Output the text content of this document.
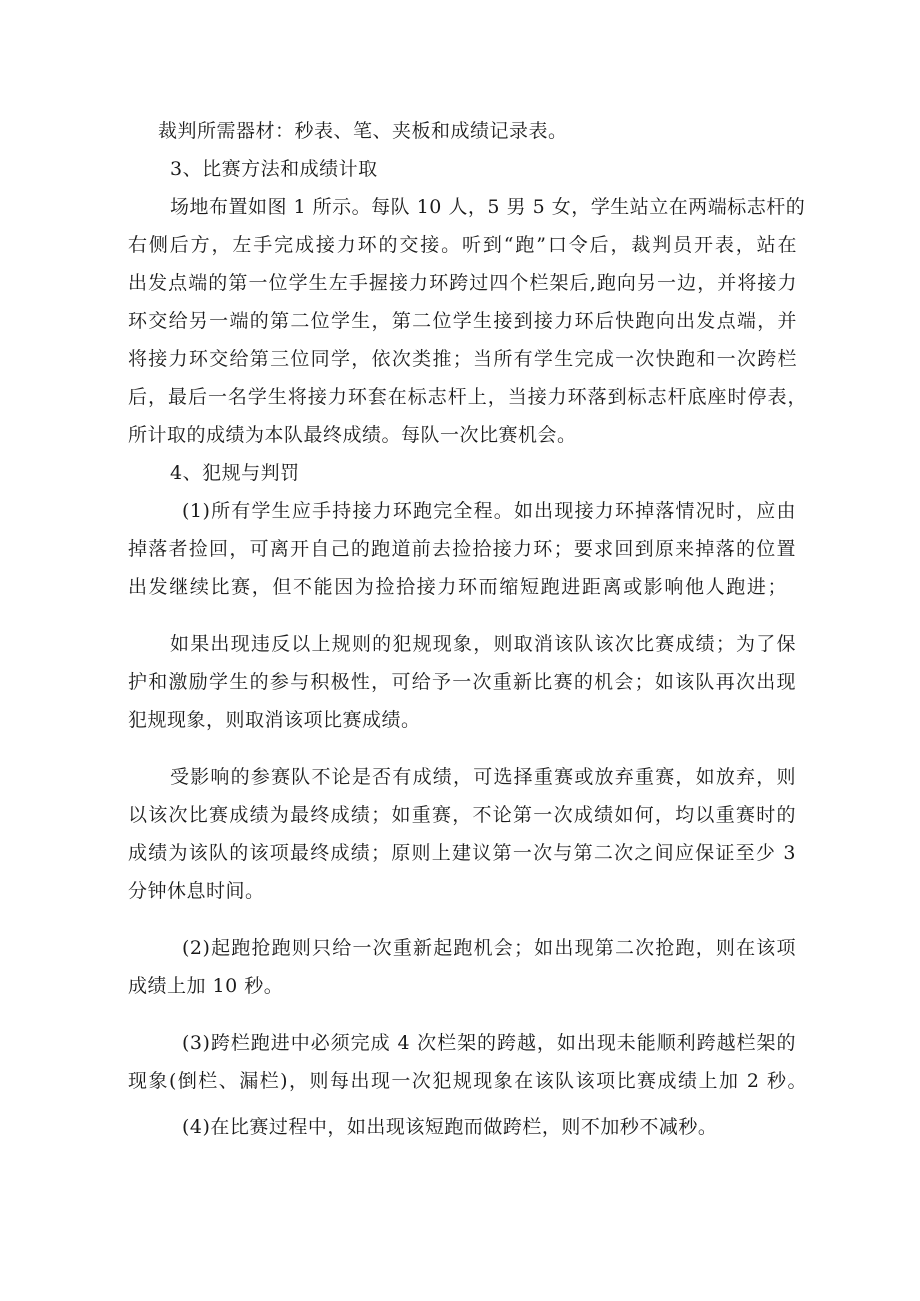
裁判所需器材：秒表、笔、夹板和成绩记录表。
3、比赛方法和成绩计取
场地布置如图 1 所示。每队 10 人，5 男 5 女，学生站立在两端标志杆的
右侧后方，左手完成接力环的交接。听到“跑”口令后，裁判员开表，站在
出发点端的第一位学生左手握接力环跨过四个栏架后,跑向另一边，并将接力
环交给另一端的第二位学生，第二位学生接到接力环后快跑向出发点端，并
将接力环交给第三位同学，依次类推；当所有学生完成一次快跑和一次跨栏
后，最后一名学生将接力环套在标志杆上，当接力环落到标志杆底座时停表，
所计取的成绩为本队最终成绩。每队一次比赛机会。
4、犯规与判罚
(1)所有学生应手持接力环跑完全程。如出现接力环掉落情况时，应由
掉落者捡回，可离开自己的跑道前去捡拾接力环；要求回到原来掉落的位置
出发继续比赛，但不能因为捡拾接力环而缩短跑进距离或影响他人跑进；
如果出现违反以上规则的犯规现象，则取消该队该次比赛成绩；为了保
护和激励学生的参与积极性，可给予一次重新比赛的机会；如该队再次出现
犯规现象，则取消该项比赛成绩。
受影响的参赛队不论是否有成绩，可选择重赛或放弃重赛，如放弃，则
以该次比赛成绩为最终成绩；如重赛，不论第一次成绩如何，均以重赛时的
成绩为该队的该项最终成绩；原则上建议第一次与第二次之间应保证至少 3
分钟休息时间。
(2)起跑抢跑则只给一次重新起跑机会；如出现第二次抢跑，则在该项
成绩上加 10 秒。
(3)跨栏跑进中必须完成 4 次栏架的跨越，如出现未能顺利跨越栏架的
现象(倒栏、漏栏)，则每出现一次犯规现象在该队该项比赛成绩上加 2 秒。
(4)在比赛过程中，如出现该短跑而做跨栏，则不加秒不减秒。
